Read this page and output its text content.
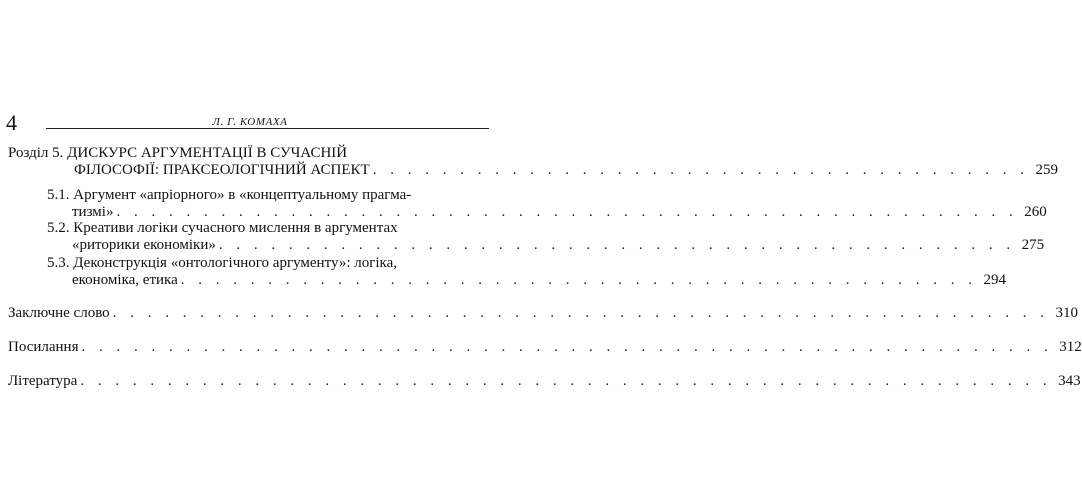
4	Л. Г. КОМАХА
Розділ 5. ДИСКУРС АРГУМЕНТАЦІЇ В СУЧАСНІЙ
ФІЛОСОФІЇ: ПРАКСЕОЛОГІЧНИЙ АСПЕКТ . . . . . . . . . . . . . . . . . . . . . . . . . . . . . . . . . . . . . . 259
5.1. Аргумент «апріорного» в «концептуальному прагма-
тизмі» . . . . . . . . . . . . . . . . . . . . . . . . . . . . . . . . . . . . . . . . . . . . . . . . . . . . 260
5.2. Креативи логіки сучасного мислення в аргументах
«риторики економіки» . . . . . . . . . . . . . . . . . . . . . . . . . . . . . . . . . . . . . . . . . . . . . . 275
5.3. Деконструкція «онтологічного аргументу»: логіка,
економіка, етика . . . . . . . . . . . . . . . . . . . . . . . . . . . . . . . . . . . . . . . . . . . . . . 294
Заключне слово . . . . . . . . . . . . . . . . . . . . . . . . . . . . . . . . . . . . . . . . . . . . . . . . . . . . . . 310
Посилання . . . . . . . . . . . . . . . . . . . . . . . . . . . . . . . . . . . . . . . . . . . . . . . . . . . . . . . . 312
Література . . . . . . . . . . . . . . . . . . . . . . . . . . . . . . . . . . . . . . . . . . . . . . . . . . . . . . . . 343
